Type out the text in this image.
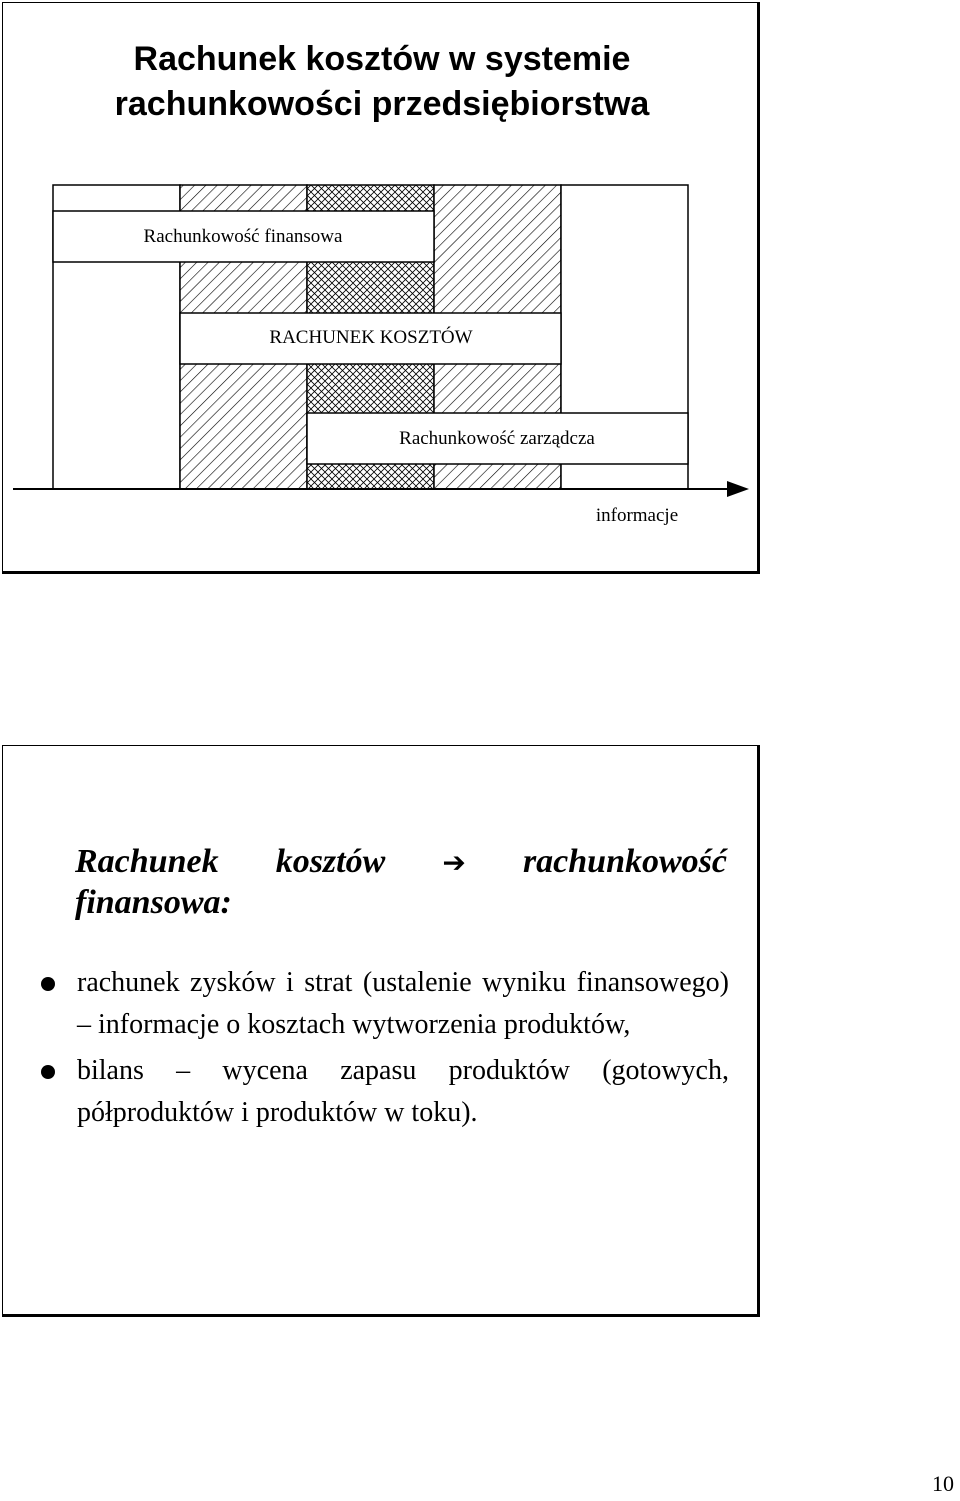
Rachunek kosztów w systemie
rachunkowości przedsiębiorstwa
Rachunkowość finansowa
RACHUNEK KOSZTÓW
Rachunkowość zarządcza
informacje
Rachunek kosztów ➔ rachunkowość
finansowa:
rachunek zysków i strat (ustalenie wyniku finansowego) – informacje o kosztach wytworzenia produktów,
bilans – wycena zapasu produktów (gotowych, półproduktów i produktów w toku).
10
